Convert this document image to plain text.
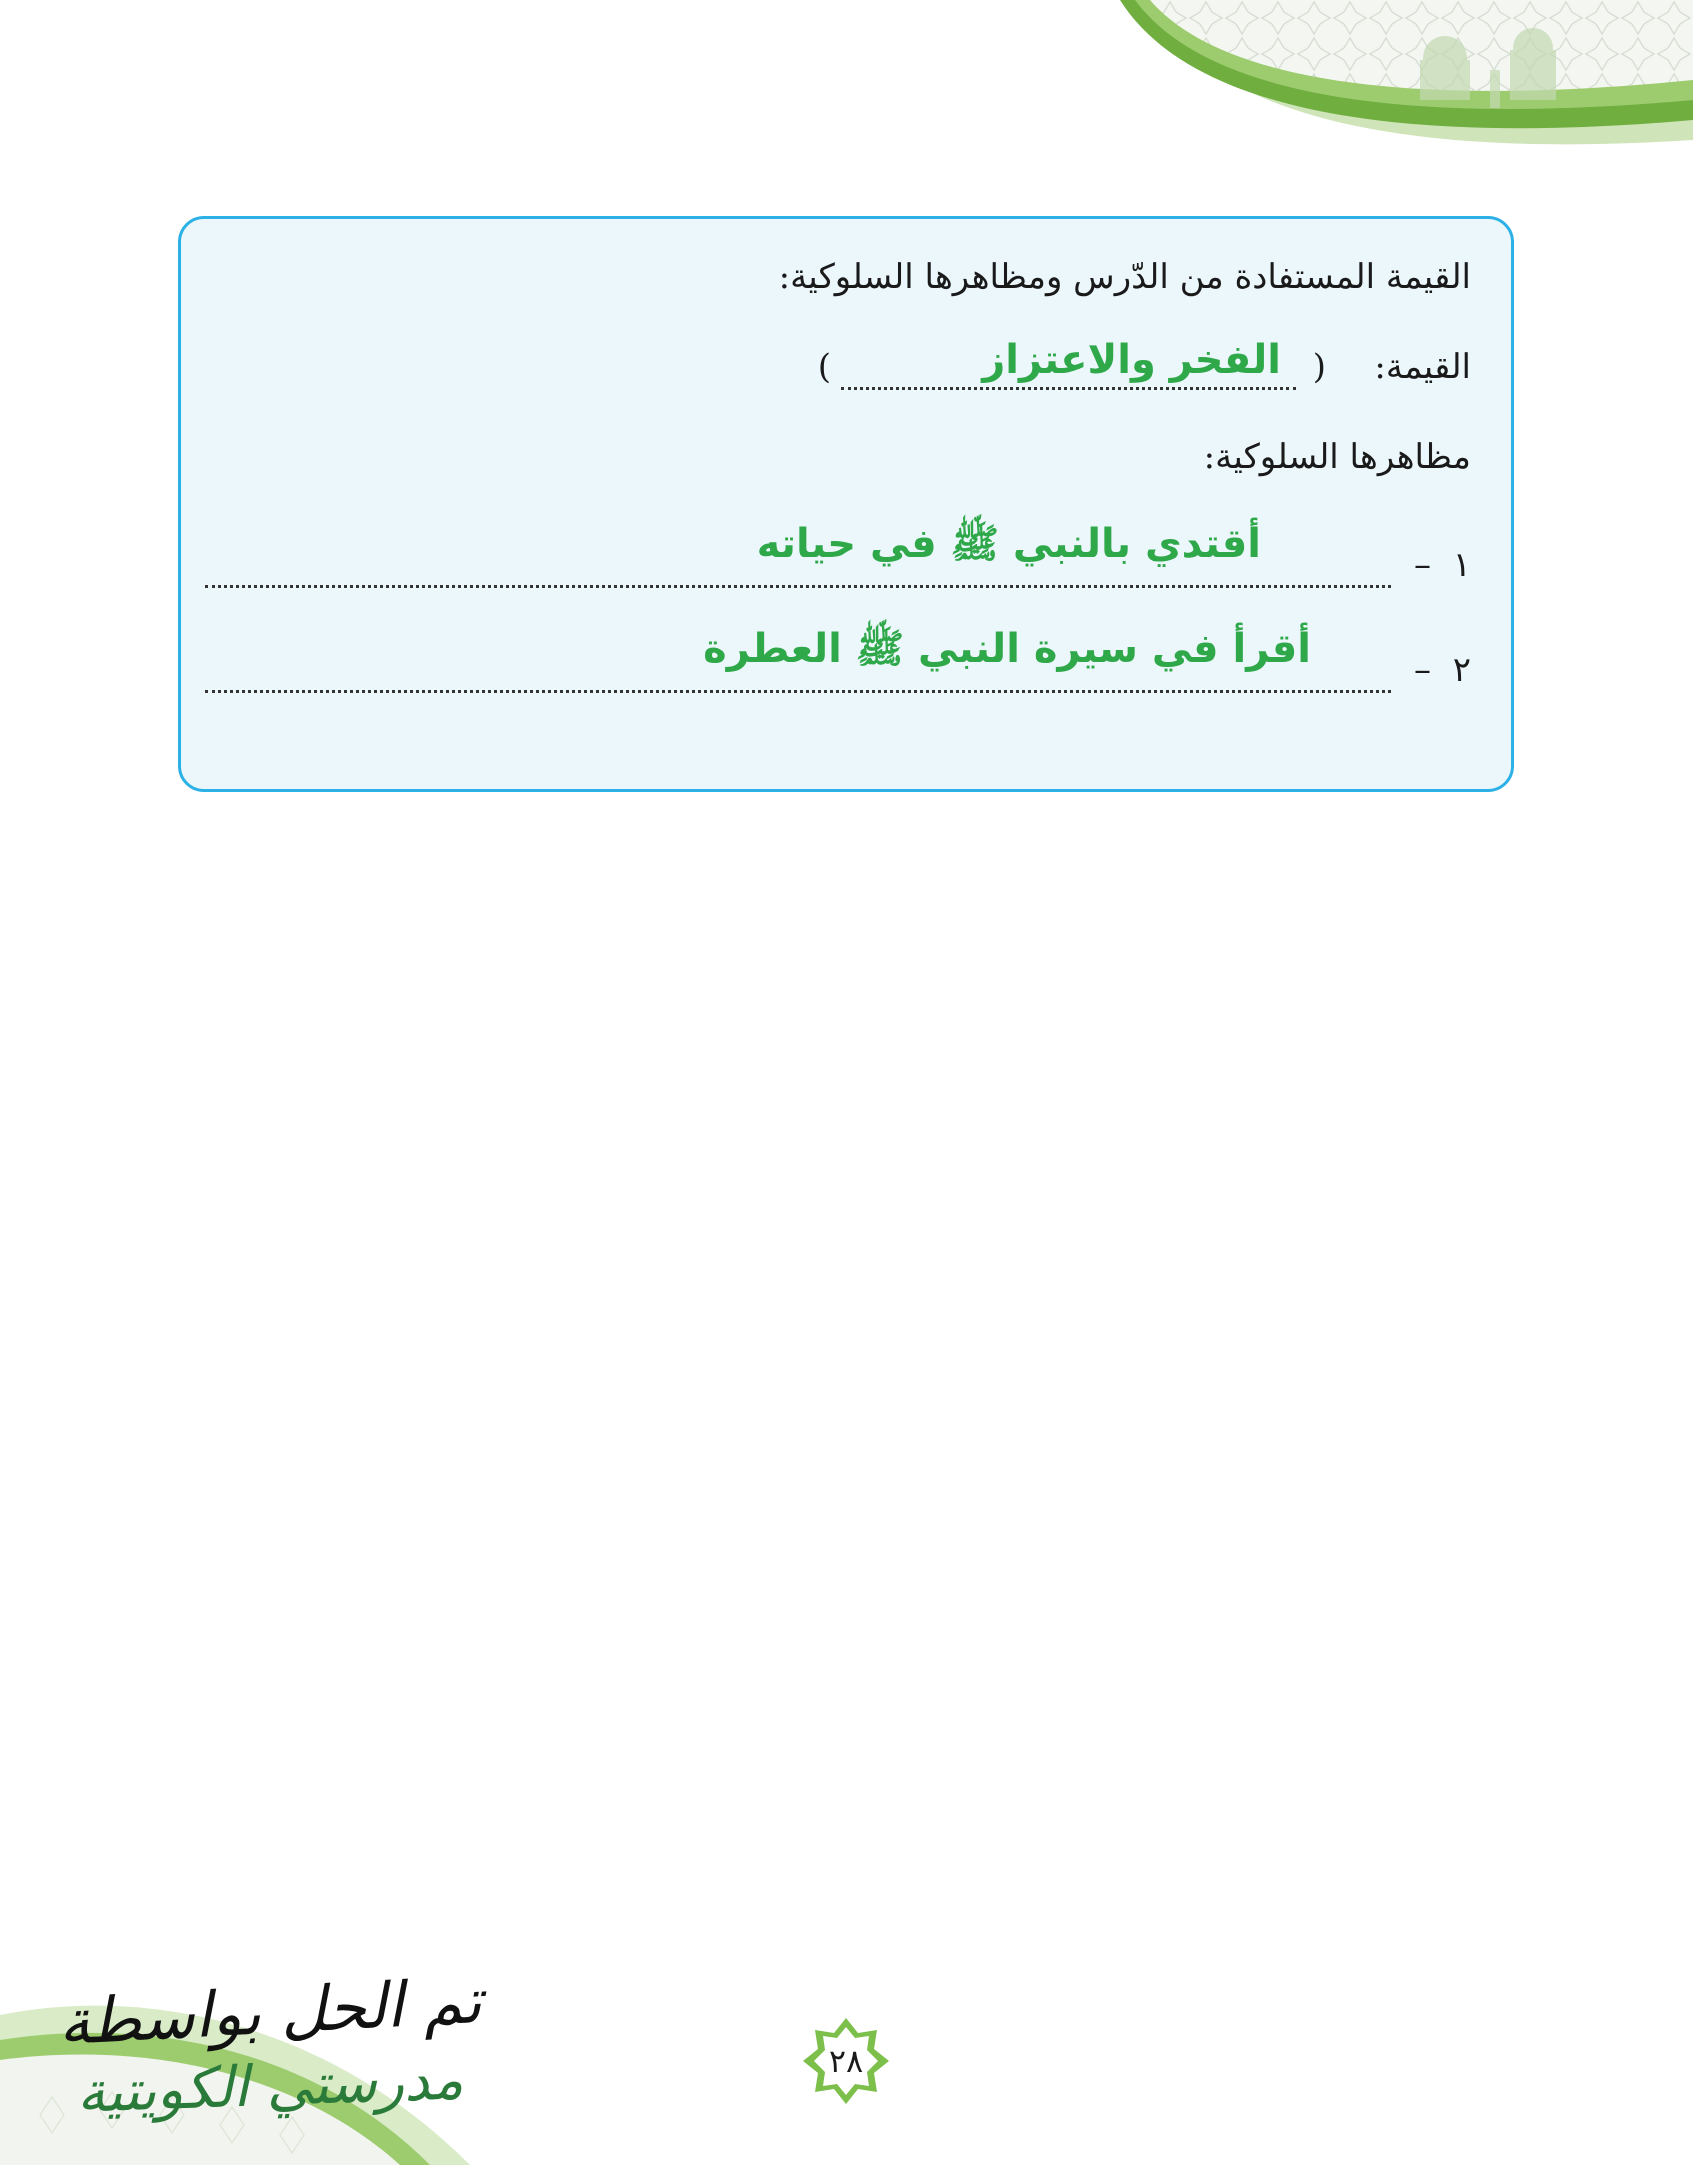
القيمة المستفادة من الدّرس ومظاهرها السلوكية:
القيمة:
(
الفخر والاعتزاز
)
مظاهرها السلوكية:
١
–
أقتدي بالنبي ﷺ في حياته
٢
–
أقرأ في سيرة النبي ﷺ العطرة
٢٨
تم الحل بواسطة
مدرستي الكويتية
